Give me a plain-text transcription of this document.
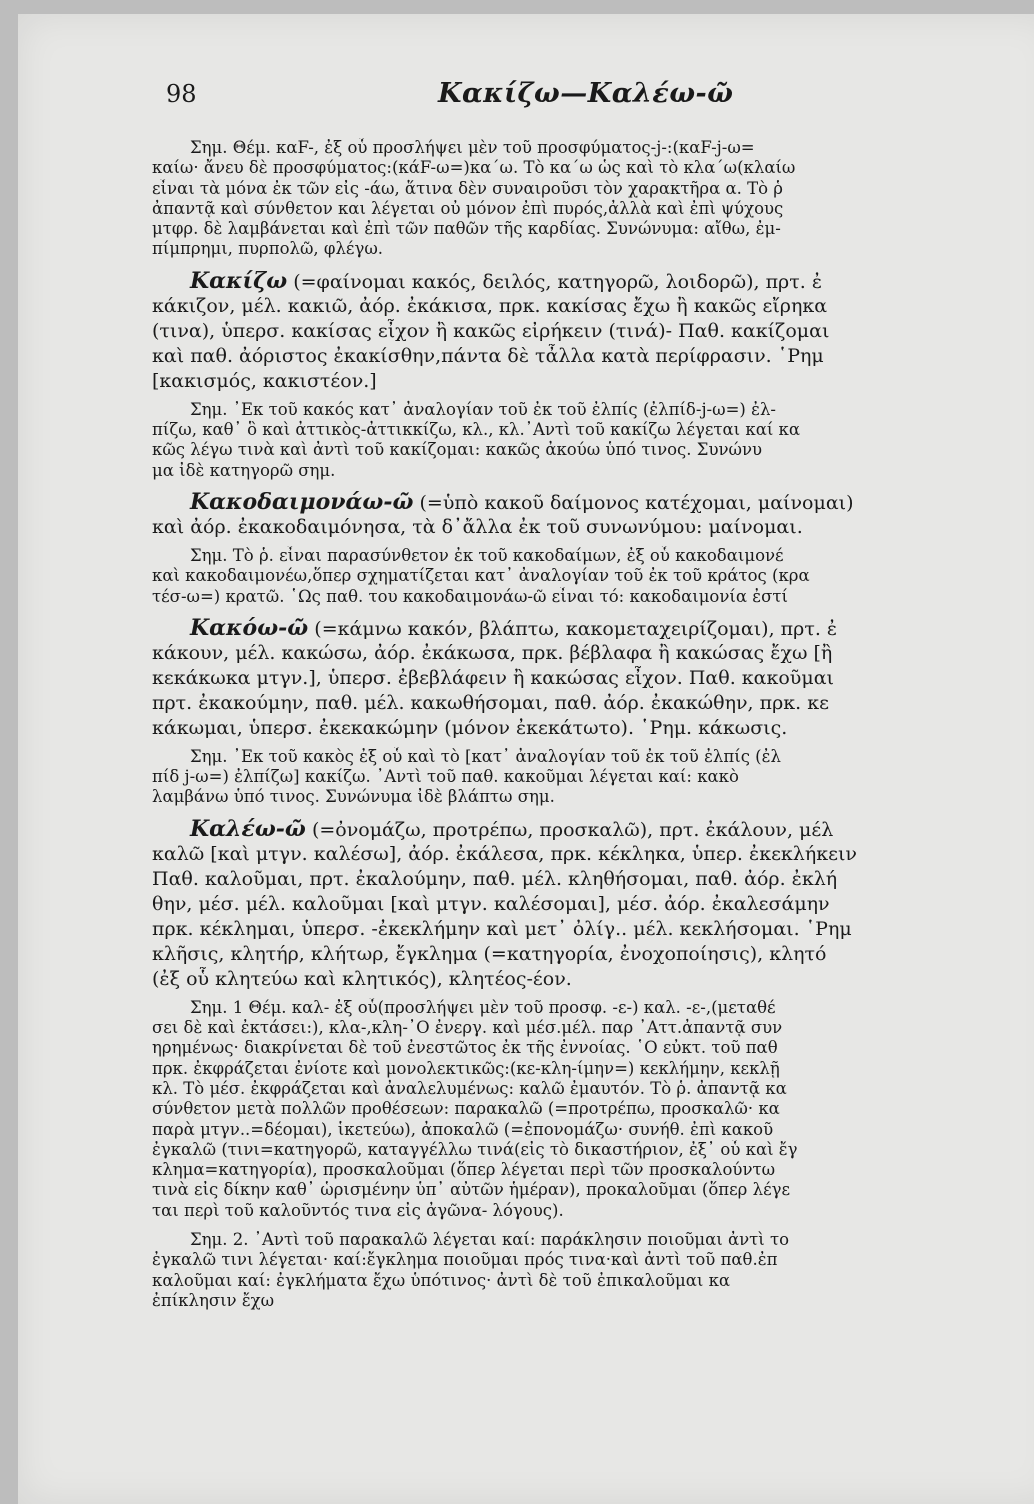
98	Κακίζω—Καλέω-ῶ
Σημ. Θέμ. καF-, ἐξ οὗ προσλήψει μὲν τοῦ προσφύματος-j-:(καF-j-ω=
καίω· ἄνευ δὲ προσφύματος:(κάF-ω=)κα΄ω. Τὸ κα΄ω ὡς καὶ τὸ κλα΄ω(κλαίω
εἶναι τὰ μόνα ἐκ τῶν εἰς -άω, ἅτινα δὲν συναιροῦσι τὸν χαρακτῆρα α. Τὸ ῥ
ἀπαντᾷ καὶ σύνθετον και λέγεται οὐ μόνον ἐπὶ πυρός,ἀλλὰ καὶ ἐπὶ ψύχους
μτφρ. δὲ λαμβάνεται καὶ ἐπὶ τῶν παθῶν τῆς καρδίας. Συνώνυμα: αἴθω, ἐμ-
πίμπρημι, πυρπολῶ, φλέγω.
Κακίζω (=φαίνομαι κακός, δειλός, κατηγορῶ, λοιδορῶ), πρτ. ἐ
κάκιζον, μέλ. κακιῶ, ἀόρ. ἐκάκισα, πρκ. κακίσας ἔχω ἢ κακῶς εἴρηκα
(τινα), ὑπερσ. κακίσας εἶχον ἢ κακῶς εἰρήκειν (τινά)- Παθ. κακίζομαι
καὶ παθ. ἀόριστος ἐκακίσθην,πάντα δὲ τἆλλα κατὰ περίφρασιν. ῾Ρημ
[κακισμός, κακιστέον.]
Σημ. ᾿Εκ τοῦ κακός κατ᾿ ἀναλογίαν τοῦ ἐκ τοῦ ἐλπίς (ἐλπίδ-j-ω=) ἐλ-
πίζω, καθ᾿ ὃ καὶ ἀττικὸς-ἀττικκίζω, κλ., κλ.᾿Αντὶ τοῦ κακίζω λέγεται καί κα
κῶς λέγω τινὰ καὶ ἀντὶ τοῦ κακίζομαι: κακῶς ἀκούω ὑπό τινος. Συνώνυ
μα ἰδὲ κατηγορῶ σημ.
Κακοδαιμονάω-ῶ (=ὑπὸ κακοῦ δαίμονος κατέχομαι, μαίνομαι)
καὶ ἀόρ. ἐκακοδαιμόνησα, τὰ δ᾿ἄλλα ἐκ τοῦ συνωνύμου: μαίνομαι.
Σημ. Τὸ ῥ. εἶναι παρασύνθετον ἐκ τοῦ κακοδαίμων, ἐξ οὗ κακοδαιμονέ
καὶ κακοδαιμονέω,ὅπερ σχηματίζεται κατ᾿ ἀναλογίαν τοῦ ἐκ τοῦ κράτος (κρα
τέσ-ω=) κρατῶ. ῾Ως παθ. του κακοδαιμονάω-ῶ εἶναι τό: κακοδαιμονία ἐστί
Κακόω-ῶ (=κάμνω κακόν, βλάπτω, κακομεταχειρίζομαι), πρτ. ἐ
κάκουν, μέλ. κακώσω, ἀόρ. ἐκάκωσα, πρκ. βέβλαφα ἢ κακώσας ἔχω [ἢ
κεκάκωκα μτγν.], ὑπερσ. ἐβεβλάφειν ἢ κακώσας εἶχον. Παθ. κακοῦμαι
πρτ. ἐκακούμην, παθ. μέλ. κακωθήσομαι, παθ. ἀόρ. ἐκακώθην, πρκ. κε
κάκωμαι, ὑπερσ. ἐκεκακώμην (μόνον ἐκεκάτωτο). ῾Ρημ. κάκωσις.
Σημ. ᾿Εκ τοῦ κακὸς ἐξ οὗ καὶ τὸ [κατ᾿ ἀναλογίαν τοῦ ἐκ τοῦ ἐλπίς (ἐλ
πίδ j-ω=) ἐλπίζω] κακίζω. ᾿Αντὶ τοῦ παθ. κακοῦμαι λέγεται καί: κακὸ
λαμβάνω ὑπό τινος. Συνώνυμα ἰδὲ βλάπτω σημ.
Καλέω-ῶ (=ὀνομάζω, προτρέπω, προσκαλῶ), πρτ. ἐκάλουν, μέλ
καλῶ [καὶ μτγν. καλέσω], ἀόρ. ἐκάλεσα, πρκ. κέκληκα, ὑπερ. ἐκεκλήκειν
Παθ. καλοῦμαι, πρτ. ἐκαλούμην, παθ. μέλ. κληθήσομαι, παθ. ἀόρ. ἐκλή
θην, μέσ. μέλ. καλοῦμαι [καὶ μτγν. καλέσομαι], μέσ. ἀόρ. ἐκαλεσάμην
πρκ. κέκλημαι, ὑπερσ. -ἐκεκλήμην καὶ μετ᾿ ὀλίγ.. μέλ. κεκλήσομαι. ῾Ρημ
κλῆσις, κλητήρ, κλήτωρ, ἔγκλημα (=κατηγορία, ἐνοχοποίησις), κλητό
(ἐξ οὗ κλητεύω καὶ κλητικός), κλητέος-έον.
Σημ. 1 Θέμ. καλ- ἐξ οὗ(προσλήψει μὲν τοῦ προσφ. -ε-) καλ. -ε-,(μεταθέ
σει δὲ καὶ ἐκτάσει:), κλα-,κλη-᾿Ο ἐνεργ. καὶ μέσ.μέλ. παρ ᾿Αττ.ἀπαντᾷ συν
ηρημένως· διακρίνεται δὲ τοῦ ἐνεστῶτος ἐκ τῆς ἐννοίας. ῾Ο εὐκτ. τοῦ παθ
πρκ. ἐκφράζεται ἐνίοτε καὶ μονολεκτικῶς:(κε-κλη-ίμην=) κεκλήμην, κεκλῇ
κλ. Τὸ μέσ. ἐκφράζεται καὶ ἀναλελυμένως: καλῶ ἐμαυτόν. Τὸ ῥ. ἀπαντᾷ κα
σύνθετον μετὰ πολλῶν προθέσεων: παρακαλῶ (=προτρέπω, προσκαλῶ· κα
παρὰ μτγν..=δέομαι), ἱκετεύω), ἀποκαλῶ (=ἐπονομάζω· συνήθ. ἐπὶ κακοῦ
ἐγκαλῶ (τινι=κατηγορῶ, καταγγέλλω τινά(εἰς τὸ δικαστήριον, ἐξ᾿ οὗ καὶ ἔγ
κλημα=κατηγορία), προσκαλοῦμαι (ὅπερ λέγεται περὶ τῶν προσκαλούντω
τινὰ εἰς δίκην καθ᾿ ὡρισμένην ὑπ᾿ αὐτῶν ἡμέραν), προκαλοῦμαι (ὅπερ λέγε
ται περὶ τοῦ καλοῦντός τινα εἰς ἀγῶνα- λόγους).
Σημ. 2. ᾿Αντὶ τοῦ παρακαλῶ λέγεται καί: παράκλησιν ποιοῦμαι ἀντὶ το
ἐγκαλῶ τινι λέγεται· καί:ἔγκλημα ποιοῦμαι πρός τινα·καὶ ἀντὶ τοῦ παθ.ἐπ
καλοῦμαι καί: ἐγκλήματα ἔχω ὑπότινος· ἀντὶ δὲ τοῦ ἐπικαλοῦμαι κα
ἐπίκλησιν ἔχω
